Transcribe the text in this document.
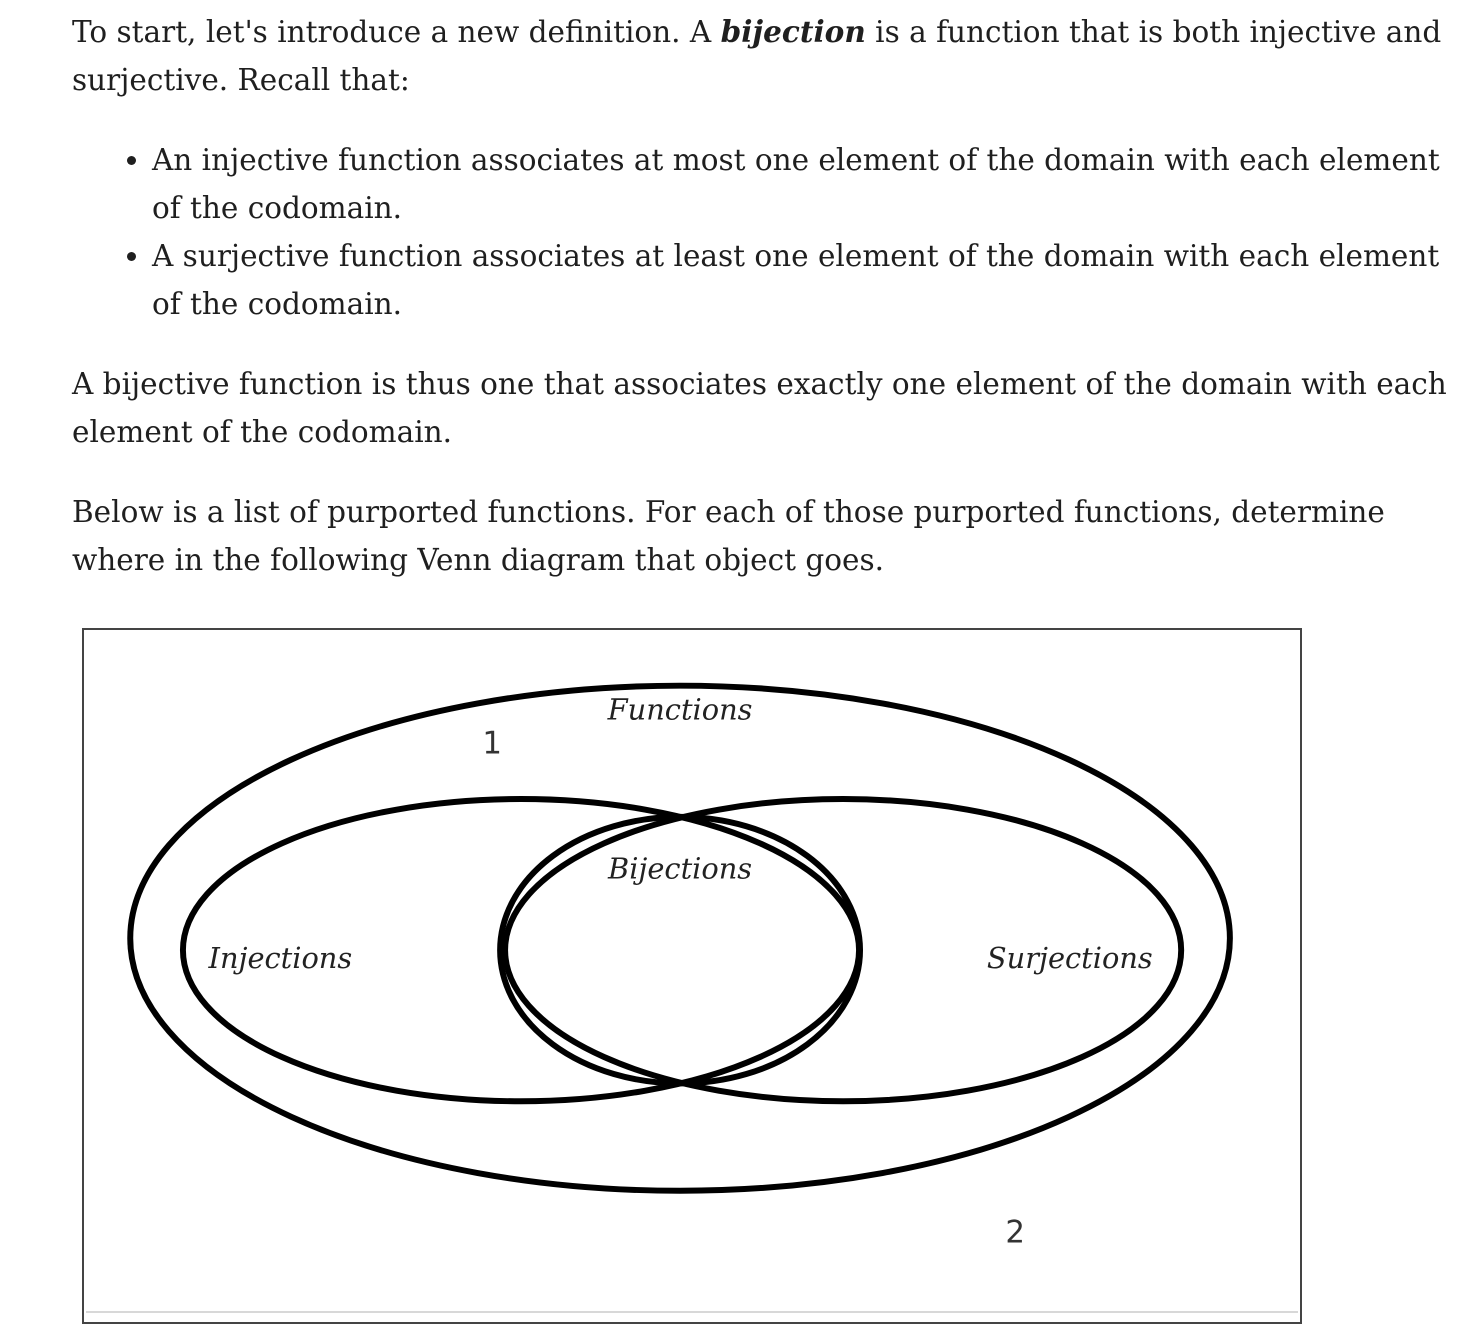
To start, let's introduce a new definition. A bijection is a function that is both injective and surjective. Recall that:

• An injective function associates at most one element of the domain with each element of the codomain.
• A surjective function associates at least one element of the domain with each element of the codomain.

A bijective function is thus one that associates exactly one element of the domain with each element of the codomain.

Below is a list of purported functions. For each of those purported functions, determine where in the following Venn diagram that object goes.

Functions
Bijections
Injections	Surjections
1
2
